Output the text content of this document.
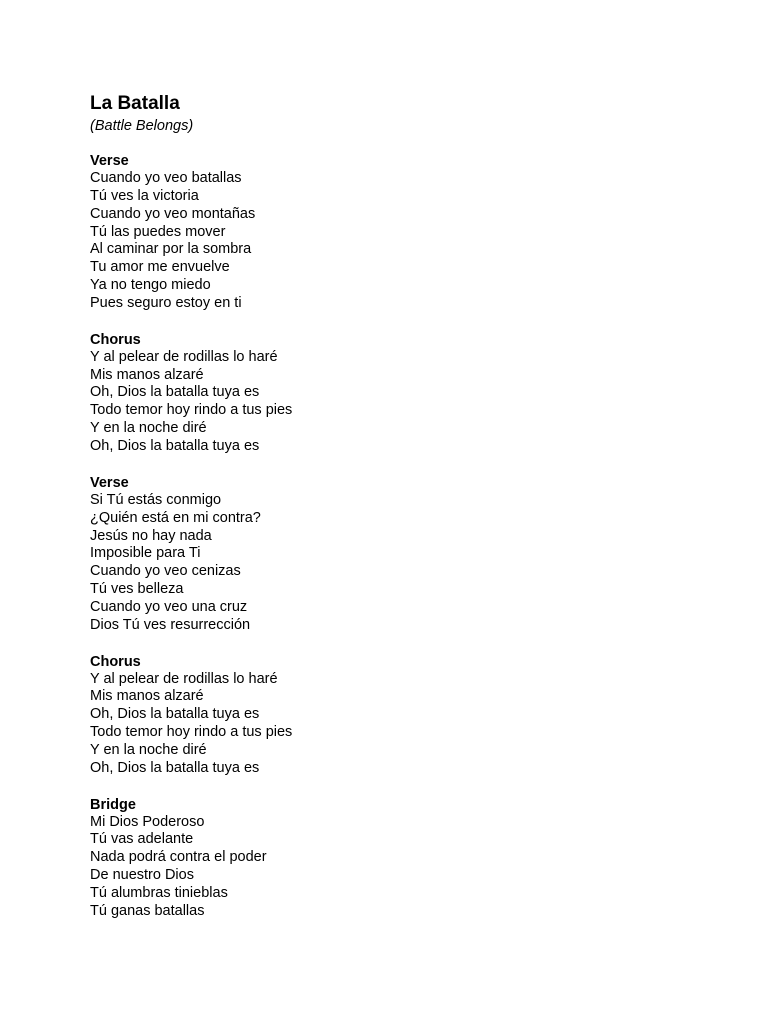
La Batalla

(Battle Belongs)

Verse

Cuando yo veo batallas

Tú ves la victoria

Cuando yo veo montañas

Tú las puedes mover

Al caminar por la sombra

Tu amor me envuelve

Ya no tengo miedo

Pues seguro estoy en ti

Chorus

Y al pelear de rodillas lo haré

Mis manos alzaré

Oh, Dios la batalla tuya es

Todo temor hoy rindo a tus pies

Y en la noche diré

Oh, Dios la batalla tuya es

Verse

Si Tú estás conmigo

¿Quién está en mi contra?

Jesús no hay nada

Imposible para Ti

Cuando yo veo cenizas

Tú ves belleza

Cuando yo veo una cruz

Dios Tú ves resurrección

Chorus

Y al pelear de rodillas lo haré

Mis manos alzaré

Oh, Dios la batalla tuya es

Todo temor hoy rindo a tus pies

Y en la noche diré

Oh, Dios la batalla tuya es

Bridge

Mi Dios Poderoso

Tú vas adelante

Nada podrá contra el poder

De nuestro Dios

Tú alumbras tinieblas

Tú ganas batallas
